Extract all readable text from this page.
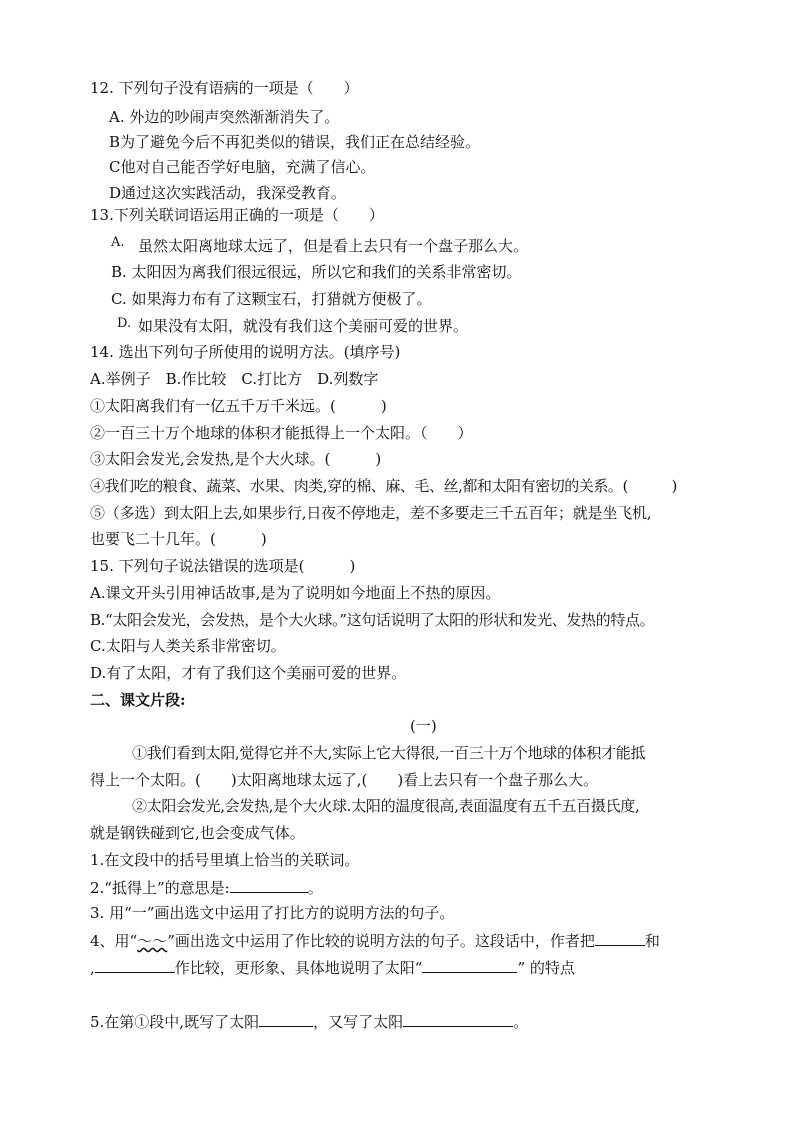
12. 下列句子没有语病的一项是（　　）
A. 外边的吵闹声突然渐渐消失了。
B为了避免今后不再犯类似的错误，我们正在总结经验。
C他对自己能否学好电脑，充满了信心。
D通过这次实践活动，我深受教育。
13.下列关联词语运用正确的一项是（　　）
A. 虽然太阳离地球太远了，但是看上去只有一个盘子那么大。
B. 太阳因为离我们很远很远，所以它和我们的关系非常密切。
C. 如果海力布有了这颗宝石，打猎就方便极了。
D. 如果没有太阳，就没有我们这个美丽可爱的世界。
14. 选出下列句子所使用的说明方法。(填序号)
A.举例子　B.作比较　C.打比方　D.列数字
①太阳离我们有一亿五千万千米远。(　　　)
②一百三十万个地球的体积才能抵得上一个太阳。（　　）
③太阳会发光,会发热,是个大火球。(　　　)
④我们吃的粮食、蔬菜、水果、肉类,穿的棉、麻、毛、丝,都和太阳有密切的关系。(　　　)
⑤（多选）到太阳上去,如果步行,日夜不停地走，差不多要走三千五百年；就是坐飞机,
也要飞二十几年。(　　　)
15. 下列句子说法错误的选项是(　　　)
A.课文开头引用神话故事,是为了说明如今地面上不热的原因。
B.“太阳会发光，会发热，是个大火球。”这句话说明了太阳的形状和发光、发热的特点。
C.太阳与人类关系非常密切。
D.有了太阳，才有了我们这个美丽可爱的世界。
二、课文片段:
(一)
①我们看到太阳,觉得它并不大,实际上它大得很,一百三十万个地球的体积才能抵
得上一个太阳。(　　)太阳离地球太远了,(　　)看上去只有一个盘子那么大。
②太阳会发光,会发热,是个大火球.太阳的温度很高,表面温度有五千五百摄氏度,
就是钢铁碰到它,也会变成气体。
1.在文段中的括号里填上恰当的关联词。
2.“抵得上”的意思是:	。
3. 用“一”画出选文中运用了打比方的说明方法的句子。
4、用“～～”画出选文中运用了作比较的说明方法的句子。这段话中，作者把	和
,	作比较，更形象、具体地说明了太阳“	” 的特点
5.在第①段中,既写了太阳	，又写了太阳	。
